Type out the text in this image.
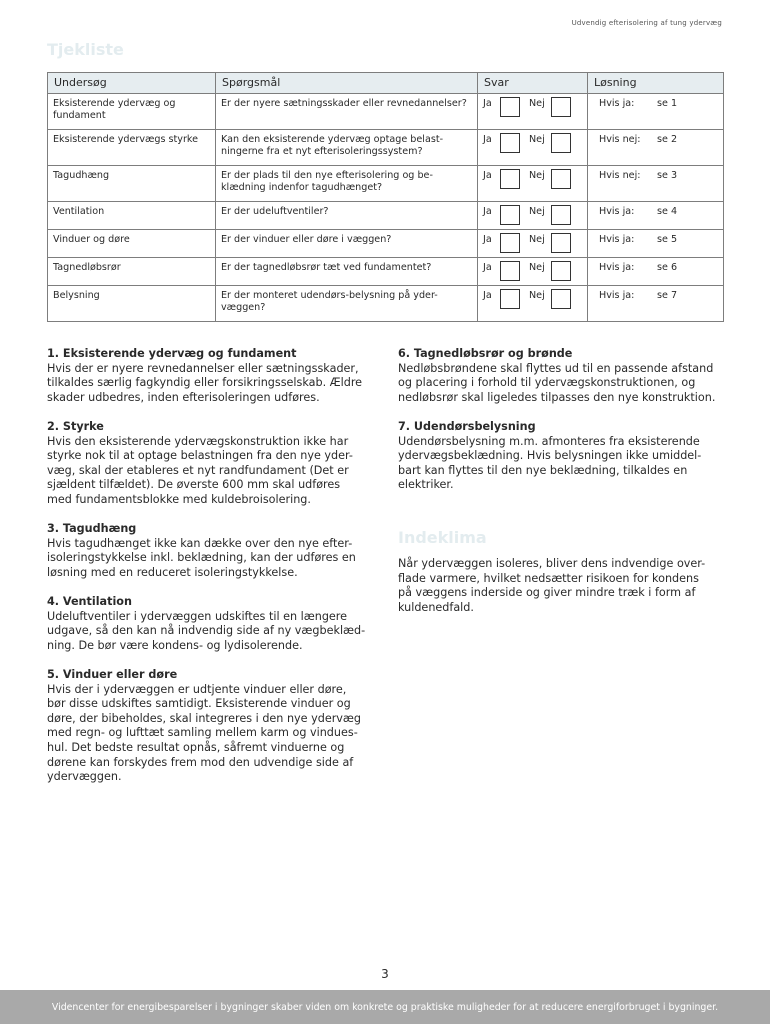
Udvendig efterisolering af tung ydervæg
Tjekliste
Undersøg	Spørgsmål	Svar	Løsning
Eksisterende ydervæg og fundament	Er der nyere sætningsskader eller revnedannelser?	Ja Nej	Hvis ja: se 1

Eksisterende ydervægs styrke	Kan den eksisterende ydervæg optage belast-ningerne fra et nyt efterisoleringssystem?	Ja Nej	Hvis nej: se 2

Tagudhæng	Er der plads til den nye efterisolering og be-klædning indenfor tagudhænget?	Ja Nej	Hvis nej: se 3

Ventilation	Er der udeluftventiler?	Ja Nej	Hvis ja: se 4

Vinduer og døre	Er der vinduer eller døre i væggen?	Ja Nej	Hvis ja: se 5

Tagnedløbsrør	Er der tagnedløbsrør tæt ved fundamentet?	Ja Nej	Hvis ja: se 6

Belysning	Er der monteret udendørs-belysning på yder-væggen?	Ja Nej	Hvis ja: se 7
1. Eksisterende ydervæg og fundament

Hvis der er nyere revnedannelser eller sætningsskader,
tilkaldes særlig fagkyndig eller forsikringsselskab. Ældre
skader udbedres, inden efterisoleringen udføres.

2. Styrke

Hvis den eksisterende ydervægskonstruktion ikke har
styrke nok til at optage belastningen fra den nye yder-
væg, skal der etableres et nyt randfundament (Det er
sjældent tilfældet). De øverste 600 mm skal udføres
med fundamentsblokke med kuldebroisolering.

3. Tagudhæng

Hvis tagudhænget ikke kan dække over den nye efter-
isoleringstykkelse inkl. beklædning, kan der udføres en
løsning med en reduceret isoleringstykkelse.

4. Ventilation

Udeluftventiler i ydervæggen udskiftes til en længere
udgave, så den kan nå indvendig side af ny vægbeklæd-
ning. De bør være kondens- og lydisolerende.

5. Vinduer eller døre

Hvis der i ydervæggen er udtjente vinduer eller døre,
bør disse udskiftes samtidigt. Eksisterende vinduer og
døre, der bibeholdes, skal integreres i den nye ydervæg
med regn- og lufttæt samling mellem karm og vindues-
hul. Det bedste resultat opnås, såfremt vinduerne og
dørene kan forskydes frem mod den udvendige side af
ydervæggen.

6. Tagnedløbsrør og brønde

Nedløbsbrøndene skal flyttes ud til en passende afstand
og placering i forhold til ydervægskonstruktionen, og
nedløbsrør skal ligeledes tilpasses den nye konstruktion.

7. Udendørsbelysning

Udendørsbelysning m.m. afmonteres fra eksisterende
ydervægsbeklædning. Hvis belysningen ikke umiddel-
bart kan flyttes til den nye beklædning, tilkaldes en
elektriker.

Indeklima

Når ydervæggen isoleres, bliver dens indvendige over-
flade varmere, hvilket nedsætter risikoen for kondens
på væggens inderside og giver mindre træk i form af
kuldenedfald.

3
Videncenter for energibesparelser i bygninger skaber viden om konkrete og praktiske muligheder for at reducere energiforbruget i bygninger.
